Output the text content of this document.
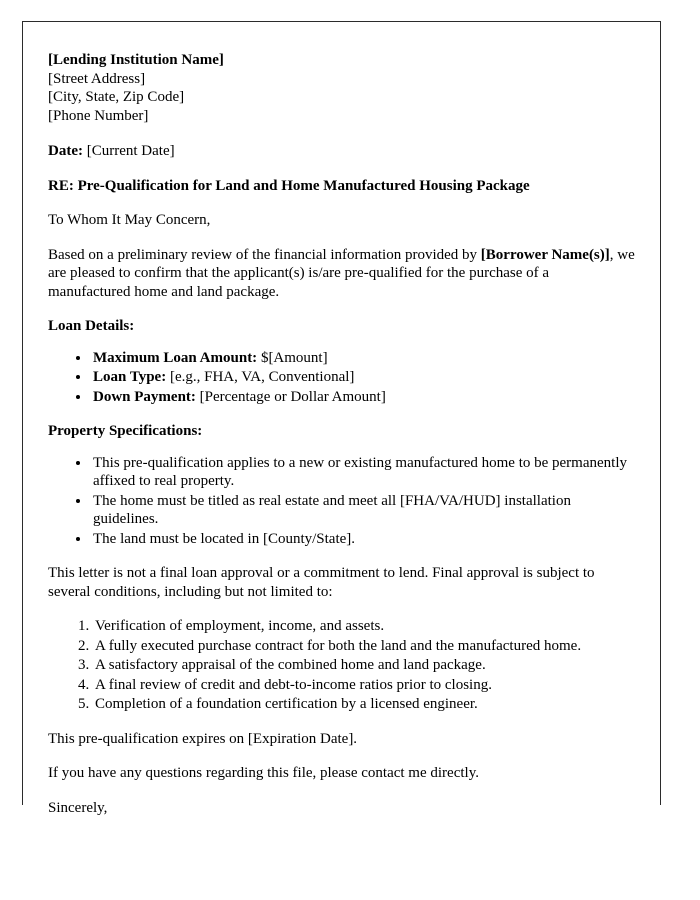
[Lending Institution Name]
[Street Address]
[City, State, Zip Code]
[Phone Number]

Date: [Current Date]

RE: Pre-Qualification for Land and Home Manufactured Housing Package

To Whom It May Concern,

Based on a preliminary review of the financial information provided by [Borrower Name(s)], we are pleased to confirm that the applicant(s) is/are pre-qualified for the purchase of a manufactured home and land package.

Loan Details:

• Maximum Loan Amount: $[Amount]
• Loan Type: [e.g., FHA, VA, Conventional]
• Down Payment: [Percentage or Dollar Amount]

Property Specifications:

• This pre-qualification applies to a new or existing manufactured home to be permanently affixed to real property.
• The home must be titled as real estate and meet all [FHA/VA/HUD] installation guidelines.
• The land must be located in [County/State].

This letter is not a final loan approval or a commitment to lend. Final approval is subject to several conditions, including but not limited to:

1. Verification of employment, income, and assets.
2. A fully executed purchase contract for both the land and the manufactured home.
3. A satisfactory appraisal of the combined home and land package.
4. A final review of credit and debt-to-income ratios prior to closing.
5. Completion of a foundation certification by a licensed engineer.

This pre-qualification expires on [Expiration Date].

If you have any questions regarding this file, please contact me directly.

Sincerely,
